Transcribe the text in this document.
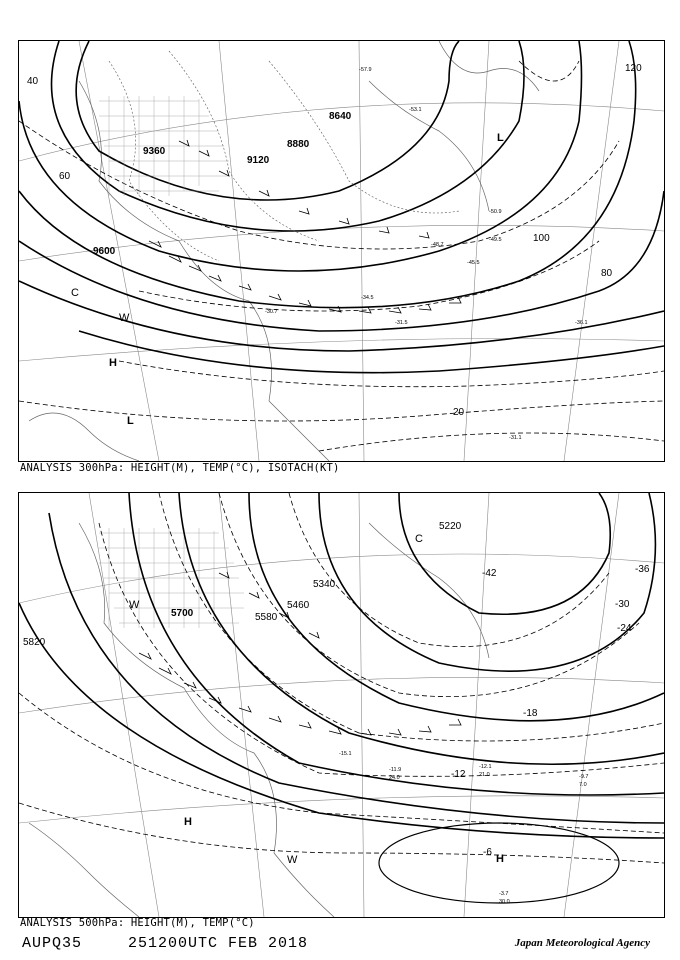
8640
8880
9120
9360
9600
40
60
80
100
120
20
-30.7
-31.5
-34.5
-36.1
-45.5
-48.7
-49.5
-50.9
-53.1
-57.9
-31.1
H
L
L
C
W
ANALYSIS 300hPa: HEIGHT(M), TEMP(°C), ISOTACH(KT)
5220
5340
5460
5580
5700
5820
-42	-36
-30
-24
-18
-12
-6
-15.1
-11.9	-12.1
-9.7
-3.7
30.0
21.0
7.0
24.0
H
H
W
C
W
ANALYSIS 500hPa: HEIGHT(M), TEMP(°C)
AUPQ35	251200UTC FEB 2018	Japan Meteorological Agency
